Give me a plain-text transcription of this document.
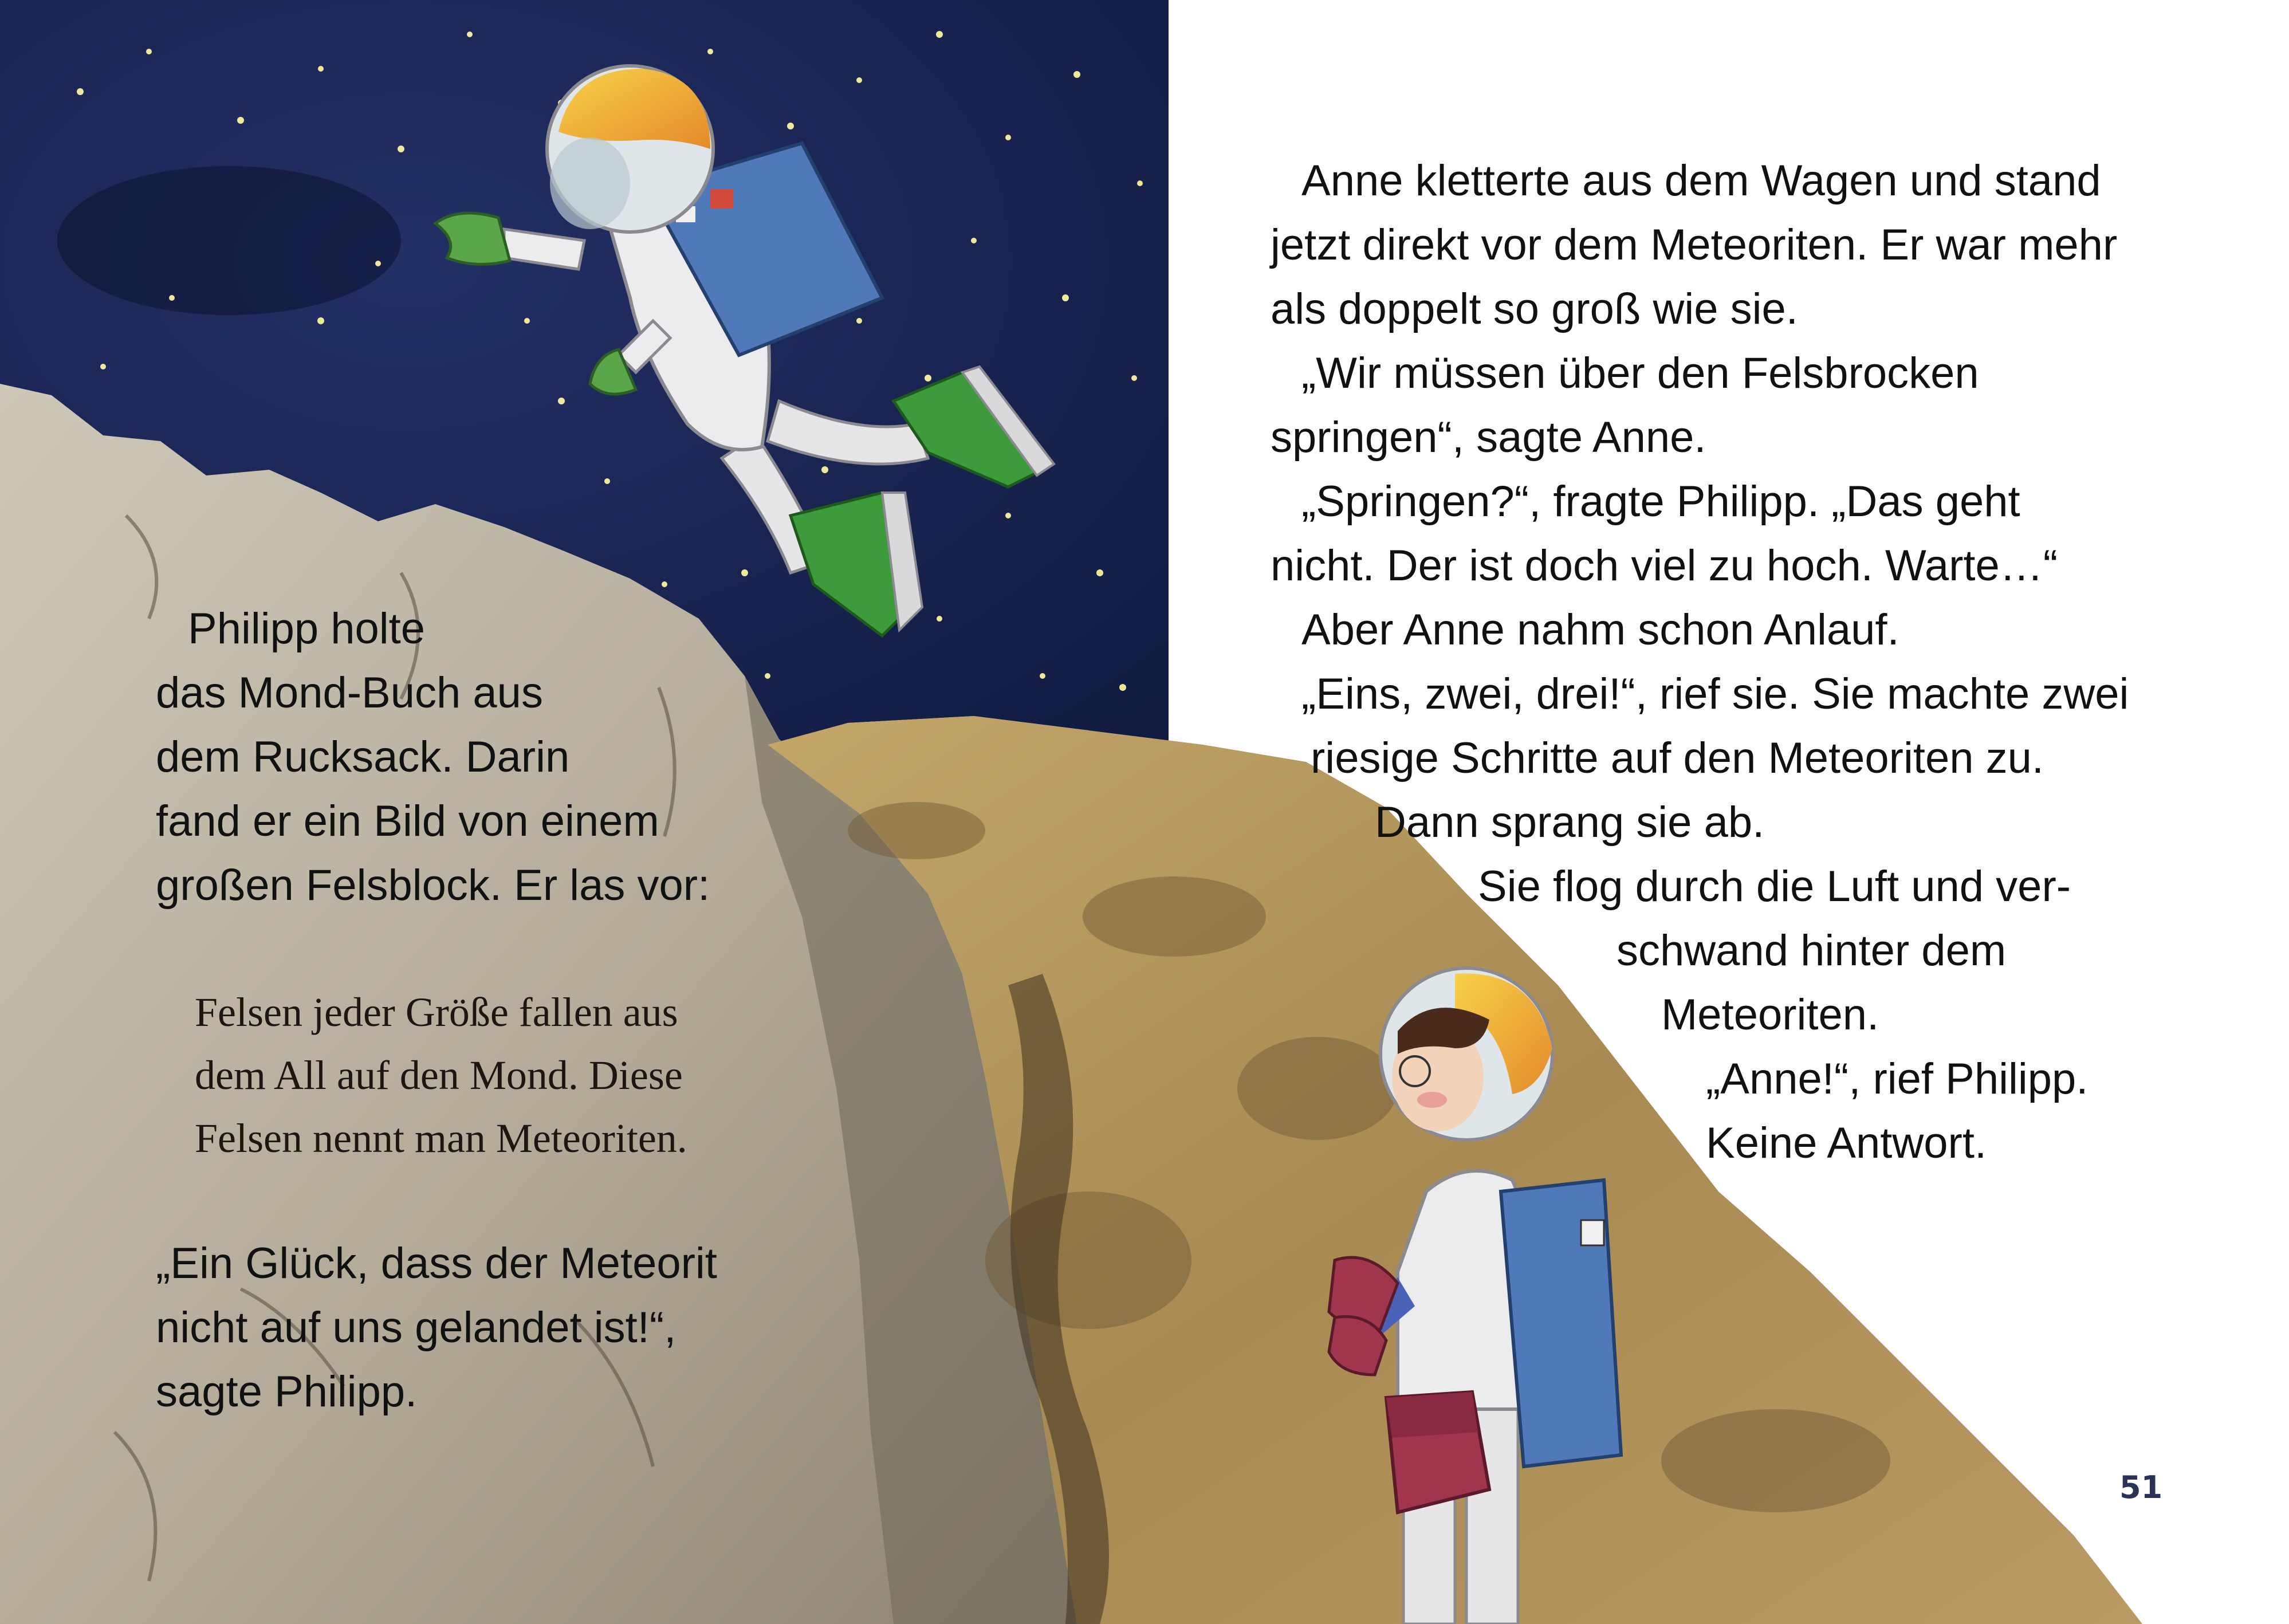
Philipp holte

das Mond-Buch aus

dem Rucksack. Darin

fand er ein Bild von einem

großen Felsblock. Er las vor:

Felsen jeder Größe fallen aus

dem All auf den Mond. Diese

Felsen nennt man Meteoriten.

„Ein Glück, dass der Meteorit

nicht auf uns gelandet ist!“,

sagte Philipp.

Anne kletterte aus dem Wagen und stand

jetzt direkt vor dem Meteoriten. Er war mehr

als doppelt so groß wie sie.

„Wir müssen über den Felsbrocken

springen“, sagte Anne.

„Springen?“, fragte Philipp. „Das geht

nicht. Der ist doch viel zu hoch. Warte…“

Aber Anne nahm schon Anlauf.

„Eins, zwei, drei!“, rief sie. Sie machte zwei

riesige Schritte auf den Meteoriten zu.

Dann sprang sie ab.

Sie flog durch die Luft und ver-

schwand hinter dem

Meteoriten.

„Anne!“, rief Philipp.

Keine Antwort.

51
